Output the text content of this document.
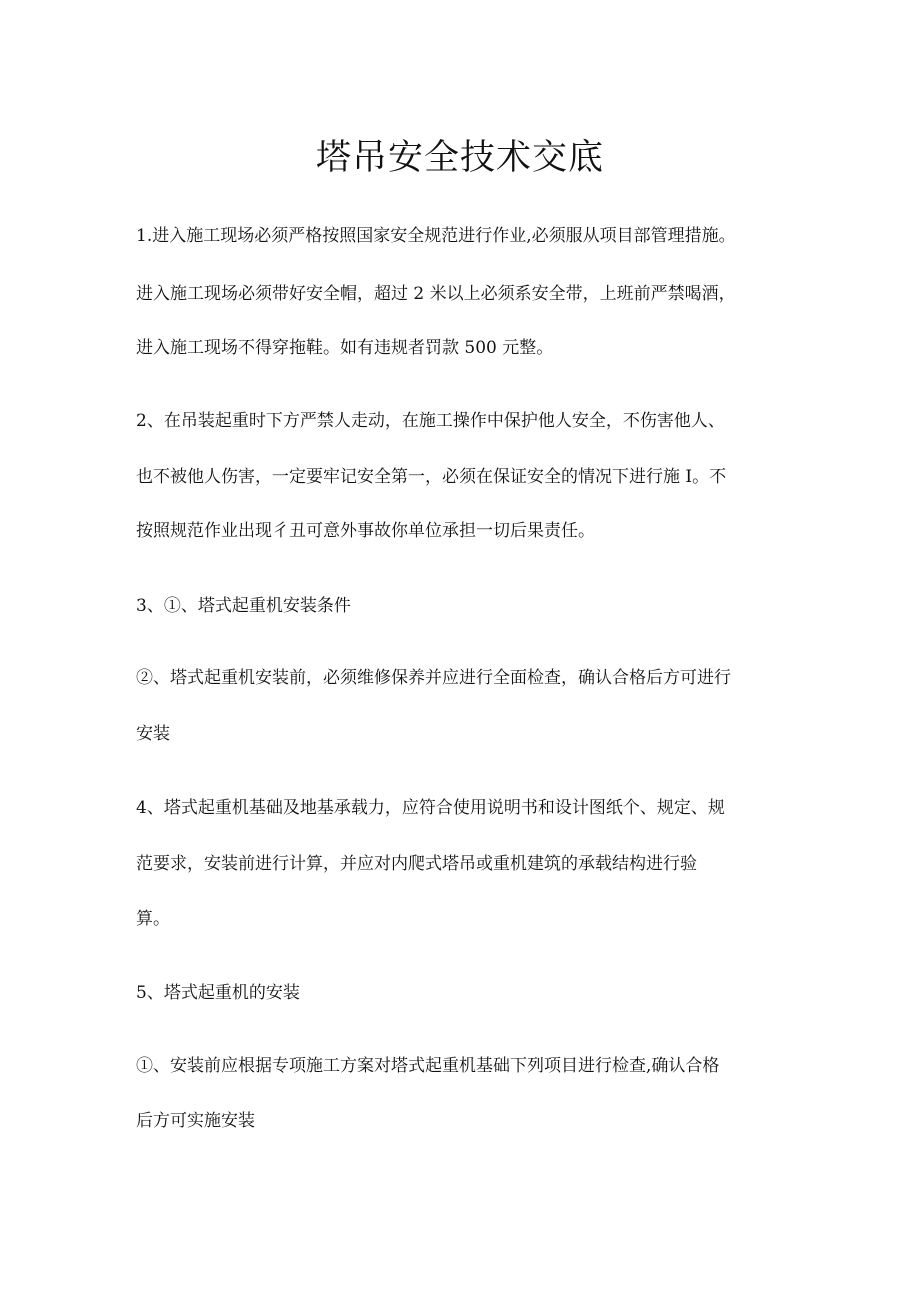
塔吊安全技术交底

1.进入施工现场必须严格按照国家安全规范进行作业,必须服从项目部管理措施。

进入施工现场必须带好安全帽，超过 2 米以上必须系安全带，上班前严禁喝酒，

进入施工现场不得穿拖鞋。如有违规者罚款 500 元整。

2、在吊装起重时下方严禁人走动，在施工操作中保护他人安全，不伤害他人、

也不被他人伤害，一定要牢记安全第一，必须在保证安全的情况下进行施 I。不

按照规范作业出现彳丑可意外事故你单位承担一切后果责任。

3、①、塔式起重机安装条件

②、塔式起重机安装前，必须维修保养并应进行全面检查，确认合格后方可进行

安装

4、塔式起重机基础及地基承载力，应符合使用说明书和设计图纸个、规定、规

范要求，安装前进行计算，并应对内爬式塔吊或重机建筑的承载结构进行验

算。

5、塔式起重机的安装

①、安装前应根据专项施工方案对塔式起重机基础下列项目进行检查,确认合格

后方可实施安装
